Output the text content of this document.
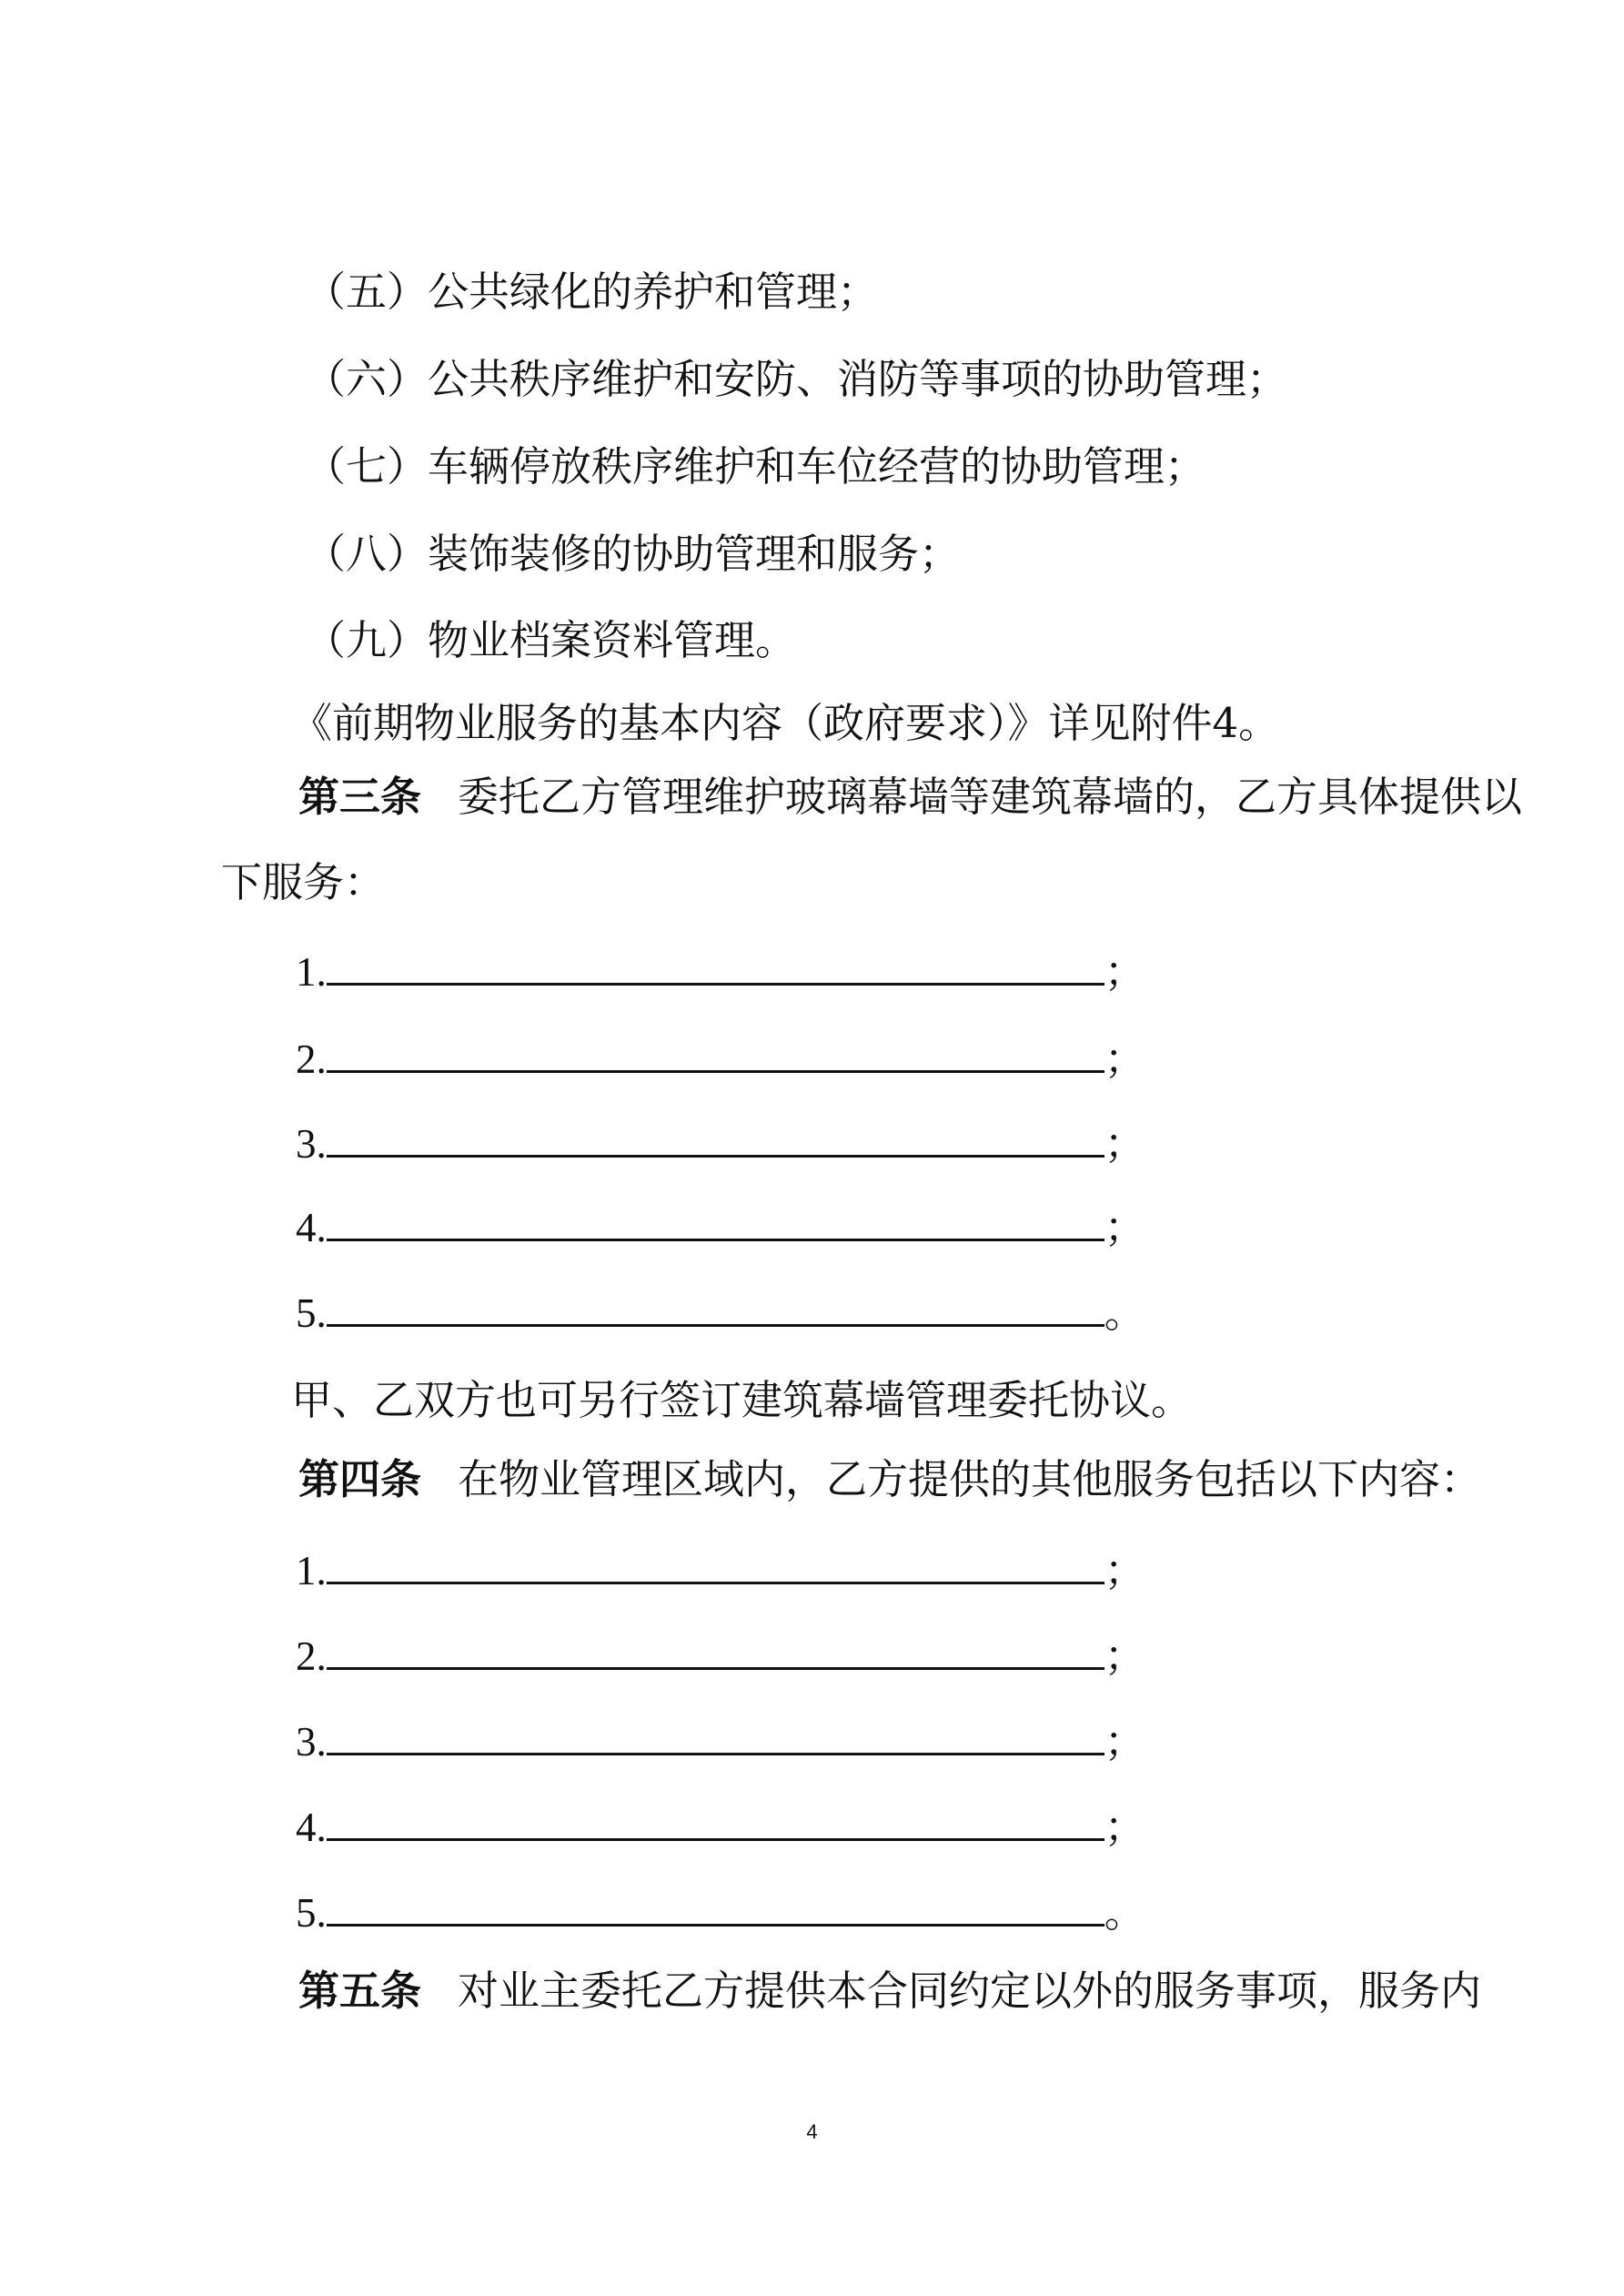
（五）公共绿化的养护和管理；
（六）公共秩序维护和安防、消防等事项的协助管理；
（七）车辆停放秩序维护和车位经营的协助管理；
（八）装饰装修的协助管理和服务；
（九）物业档案资料管理。
《前期物业服务的基本内容（政府要求）》详见附件4。
第三条 委托乙方管理维护玻璃幕墙等建筑幕墙的，乙方具体提供以
下服务：
1.	；
2.	；
3.	；
4.	；
5.	。
甲、乙双方也可另行签订建筑幕墙管理委托协议。
第四条 在物业管理区域内，乙方提供的其他服务包括以下内容：
1.	；
2.	；
3.	；
4.	；
5.	。
第五条 对业主委托乙方提供本合同约定以外的服务事项，服务内
4
